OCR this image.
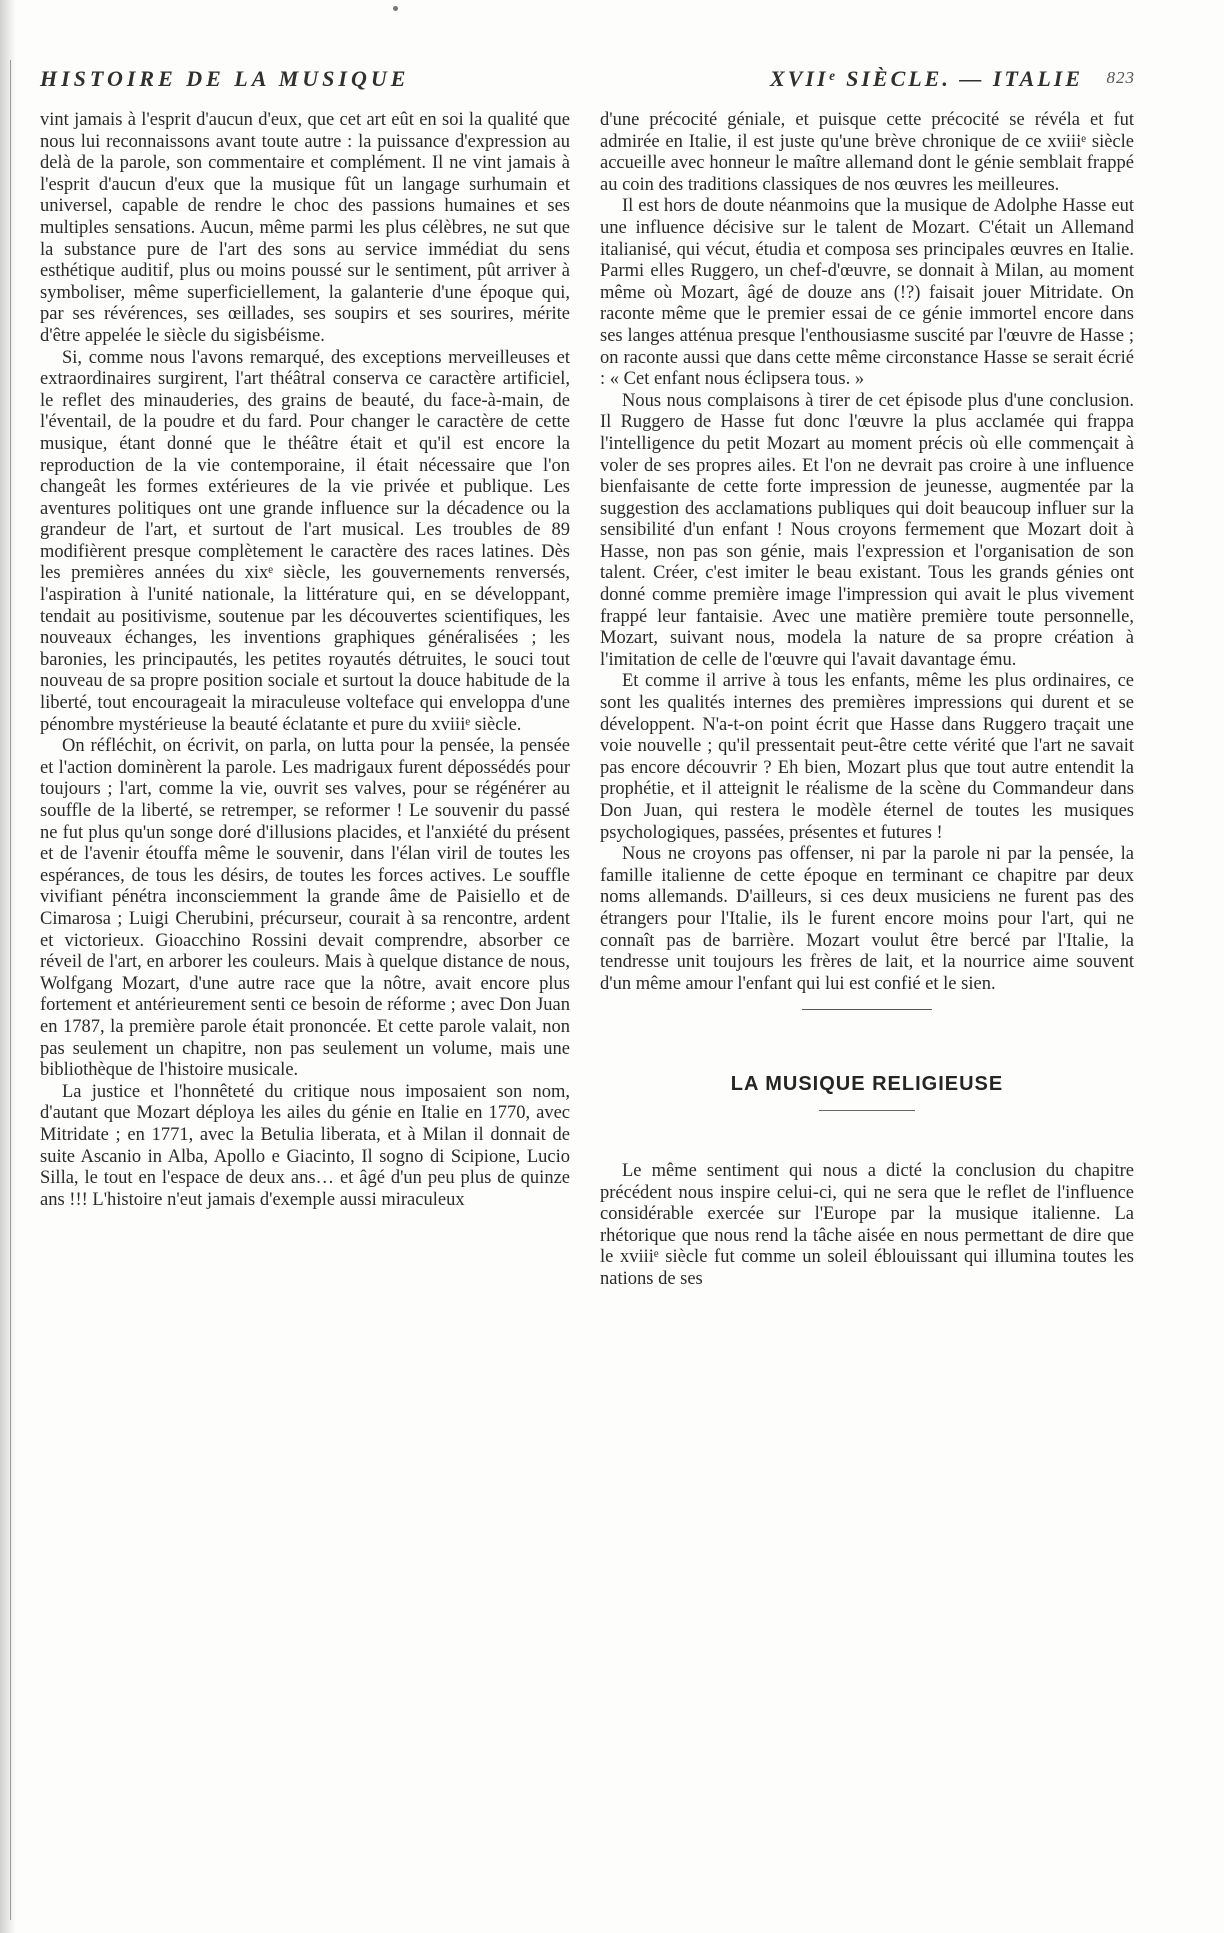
HISTOIRE DE LA MUSIQUE	XVIIᵉ SIÈCLE. — ITALIE 823

vint jamais à l'esprit d'aucun d'eux, que cet art eût en soi la qualité que nous lui reconnaissons avant toute autre : la puissance d'expression au delà de la parole, son commentaire et complément. Il ne vint jamais à l'esprit d'aucun d'eux que la musique fût un langage surhumain et universel, capable de rendre le choc des passions humaines et ses multiples sensations. Aucun, même parmi les plus célèbres, ne sut que la substance pure de l'art des sons au service immédiat du sens esthétique auditif, plus ou moins poussé sur le sentiment, pût arriver à symboliser, même superficiellement, la galanterie d'une époque qui, par ses révérences, ses œillades, ses soupirs et ses sourires, mérite d'être appelée le siècle du sigisbéisme.

Si, comme nous l'avons remarqué, des exceptions merveilleuses et extraordinaires surgirent, l'art théâtral conserva ce caractère artificiel, le reflet des minauderies, des grains de beauté, du face-à-main, de l'éventail, de la poudre et du fard. Pour changer le caractère de cette musique, étant donné que le théâtre était et qu'il est encore la reproduction de la vie contemporaine, il était nécessaire que l'on changeât les formes extérieures de la vie privée et publique. Les aventures politiques ont une grande influence sur la décadence ou la grandeur de l'art, et surtout de l'art musical. Les troubles de 89 modifièrent presque complètement le caractère des races latines. Dès les premières années du xixᵉ siècle, les gouvernements renversés, l'aspiration à l'unité nationale, la littérature qui, en se développant, tendait au positivisme, soutenue par les découvertes scientifiques, les nouveaux échanges, les inventions graphiques généralisées ; les baronies, les principautés, les petites royautés détruites, le souci tout nouveau de sa propre position sociale et surtout la douce habitude de la liberté, tout encourageait la miraculeuse volteface qui enveloppa d'une pénombre mystérieuse la beauté éclatante et pure du xviiiᵉ siècle.

On réfléchit, on écrivit, on parla, on lutta pour la pensée, la pensée et l'action dominèrent la parole. Les madrigaux furent dépossédés pour toujours ; l'art, comme la vie, ouvrit ses valves, pour se régénérer au souffle de la liberté, se retremper, se reformer ! Le souvenir du passé ne fut plus qu'un songe doré d'illusions placides, et l'anxiété du présent et de l'avenir étouffa même le souvenir, dans l'élan viril de toutes les espérances, de tous les désirs, de toutes les forces actives. Le souffle vivifiant pénétra inconsciemment la grande âme de Paisiello et de Cimarosa ; Luigi Cherubini, précurseur, courait à sa rencontre, ardent et victorieux. Gioacchino Rossini devait comprendre, absorber ce réveil de l'art, en arborer les couleurs. Mais à quelque distance de nous, Wolfgang Mozart, d'une autre race que la nôtre, avait encore plus fortement et antérieurement senti ce besoin de réforme ; avec Don Juan en 1787, la première parole était prononcée. Et cette parole valait, non pas seulement un chapitre, non pas seulement un volume, mais une bibliothèque de l'histoire musicale.

La justice et l'honnêteté du critique nous imposaient son nom, d'autant que Mozart déploya les ailes du génie en Italie en 1770, avec Mitridate ; en 1771, avec la Betulia liberata, et à Milan il donnait de suite Ascanio in Alba, Apollo e Giacinto, Il sogno di Scipione, Lucio Silla, le tout en l'espace de deux ans… et âgé d'un peu plus de quinze ans !!! L'histoire n'eut jamais d'exemple aussi miraculeux

d'une précocité géniale, et puisque cette précocité se révéla et fut admirée en Italie, il est juste qu'une brève chronique de ce xviiiᵉ siècle accueille avec honneur le maître allemand dont le génie semblait frappé au coin des traditions classiques de nos œuvres les meilleures.

Il est hors de doute néanmoins que la musique de Adolphe Hasse eut une influence décisive sur le talent de Mozart. C'était un Allemand italianisé, qui vécut, étudia et composa ses principales œuvres en Italie. Parmi elles Ruggero, un chef-d'œuvre, se donnait à Milan, au moment même où Mozart, âgé de douze ans (!?) faisait jouer Mitridate. On raconte même que le premier essai de ce génie immortel encore dans ses langes atténua presque l'enthousiasme suscité par l'œuvre de Hasse ; on raconte aussi que dans cette même circonstance Hasse se serait écrié : « Cet enfant nous éclipsera tous. »

Nous nous complaisons à tirer de cet épisode plus d'une conclusion. Il Ruggero de Hasse fut donc l'œuvre la plus acclamée qui frappa l'intelligence du petit Mozart au moment précis où elle commençait à voler de ses propres ailes. Et l'on ne devrait pas croire à une influence bienfaisante de cette forte impression de jeunesse, augmentée par la suggestion des acclamations publiques qui doit beaucoup influer sur la sensibilité d'un enfant ! Nous croyons fermement que Mozart doit à Hasse, non pas son génie, mais l'expression et l'organisation de son talent. Créer, c'est imiter le beau existant. Tous les grands génies ont donné comme première image l'impression qui avait le plus vivement frappé leur fantaisie. Avec une matière première toute personnelle, Mozart, suivant nous, modela la nature de sa propre création à l'imitation de celle de l'œuvre qui l'avait davantage ému.

Et comme il arrive à tous les enfants, même les plus ordinaires, ce sont les qualités internes des premières impressions qui durent et se développent. N'a-t-on point écrit que Hasse dans Ruggero traçait une voie nouvelle ; qu'il pressentait peut-être cette vérité que l'art ne savait pas encore découvrir ? Eh bien, Mozart plus que tout autre entendit la prophétie, et il atteignit le réalisme de la scène du Commandeur dans Don Juan, qui restera le modèle éternel de toutes les musiques psychologiques, passées, présentes et futures !

Nous ne croyons pas offenser, ni par la parole ni par la pensée, la famille italienne de cette époque en terminant ce chapitre par deux noms allemands. D'ailleurs, si ces deux musiciens ne furent pas des étrangers pour l'Italie, ils le furent encore moins pour l'art, qui ne connaît pas de barrière. Mozart voulut être bercé par l'Italie, la tendresse unit toujours les frères de lait, et la nourrice aime souvent d'un même amour l'enfant qui lui est confié et le sien.

LA MUSIQUE RELIGIEUSE

Le même sentiment qui nous a dicté la conclusion du chapitre précédent nous inspire celui-ci, qui ne sera que le reflet de l'influence considérable exercée sur l'Europe par la musique italienne. La rhétorique que nous rend la tâche aisée en nous permettant de dire que le xviiiᵉ siècle fut comme un soleil éblouissant qui illumina toutes les nations de ses
